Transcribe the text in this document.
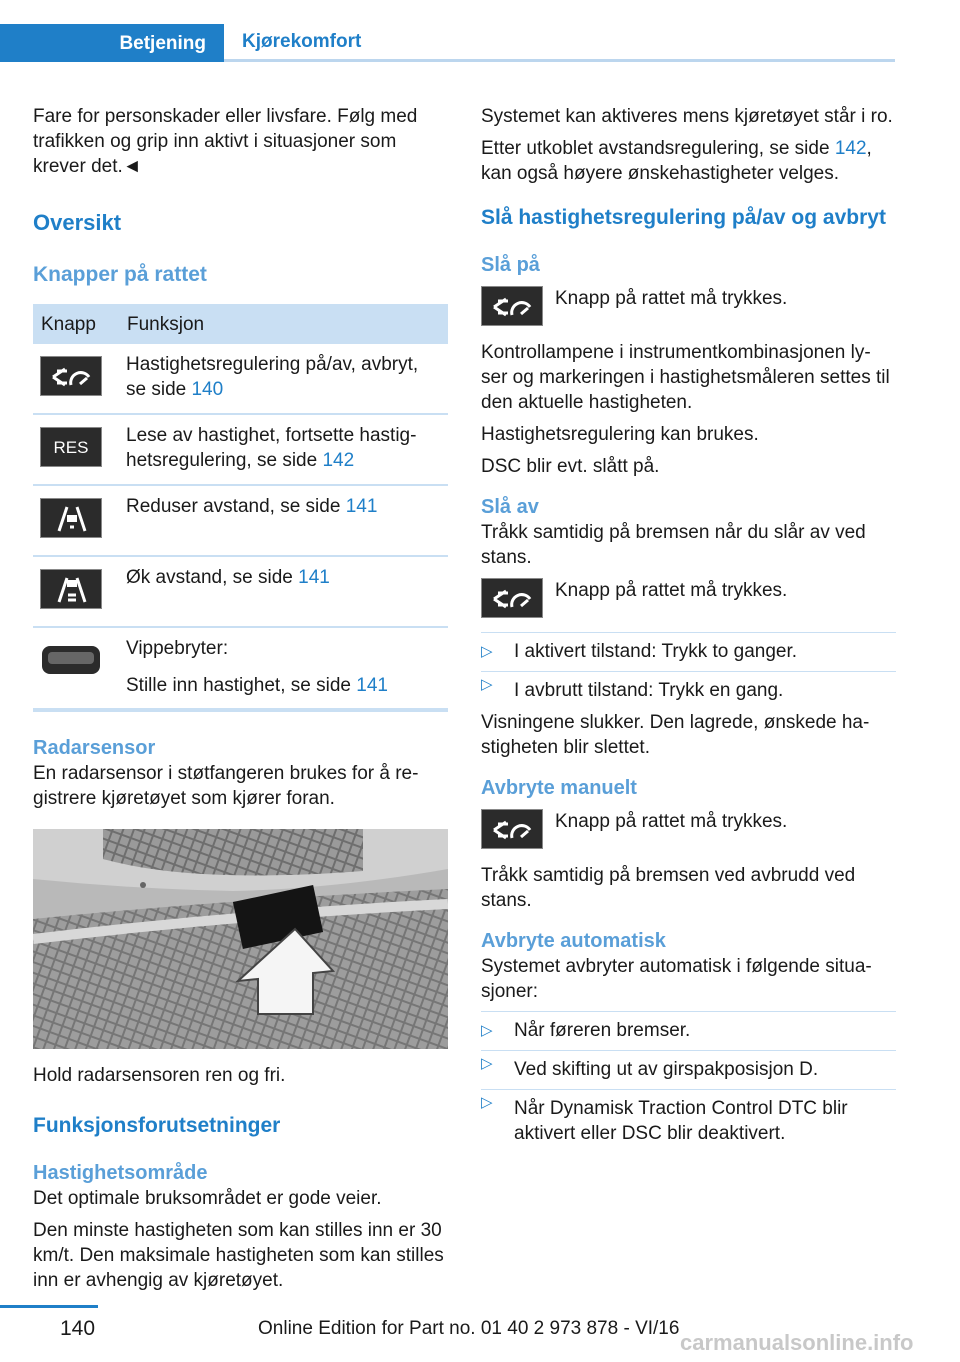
Betjening	Kjørekomfort

Fare for personskader eller livsfare. Følg med trafikken og grip inn aktivt i situasjoner som krever det.◄

Oversikt
Knapper på rattet
Knapp	Funksjon

	Hastighetsregulering på/av, avbryt, se side 140

RES	Lese av hastighet, fortsette hastig‐hetsregulering, se side 142

	Reduser avstand, se side 141

	Øk avstand, se side 141

Vippebryter:

Stille inn hastighet, se side 141
Radarsensor

En radarsensor i støtfangeren brukes for å re‐gistrere kjøretøyet som kjører foran.

Hold radarsensoren ren og fri.

Funksjonsforutsetninger
Hastighetsområde

Det optimale bruksområdet er gode veier.

Den minste hastigheten som kan stilles inn er 30 km/t. Den maksimale hastigheten som kan stilles inn er avhengig av kjøretøyet.

Systemet kan aktiveres mens kjøretøyet står i ro.

Etter utkoblet avstandsregulering, se side 142, kan også høyere ønskehastigheter velges.

Slå hastighetsregulering på/av og avbryt
Slå på
Knapp på rattet må trykkes.

Kontrollampene i instrumentkombinasjonen ly‐ser og markeringen i hastighetsmåleren settes til den aktuelle hastigheten.

Hastighetsregulering kan brukes.

DSC blir evt. slått på.

Slå av

Tråkk samtidig på bremsen når du slår av ved stans.

Knapp på rattet må trykkes.
▷ I aktivert tilstand: Trykk to ganger.
▷ I avbrutt tilstand: Trykk en gang.

Visningene slukker. Den lagrede, ønskede ha‐stigheten blir slettet.

Avbryte manuelt
Knapp på rattet må trykkes.

Tråkk samtidig på bremsen ved avbrudd ved stans.

Avbryte automatisk

Systemet avbryter automatisk i følgende situa‐sjoner:

▷ Når føreren bremser.
▷ Ved skifting ut av girspakposisjon D.
▷ Når Dynamisk Traction Control DTC blir aktivert eller DSC blir deaktivert.
140	Online Edition for Part no. 01 40 2 973 878 - VI/16
carmanualsonline.info
